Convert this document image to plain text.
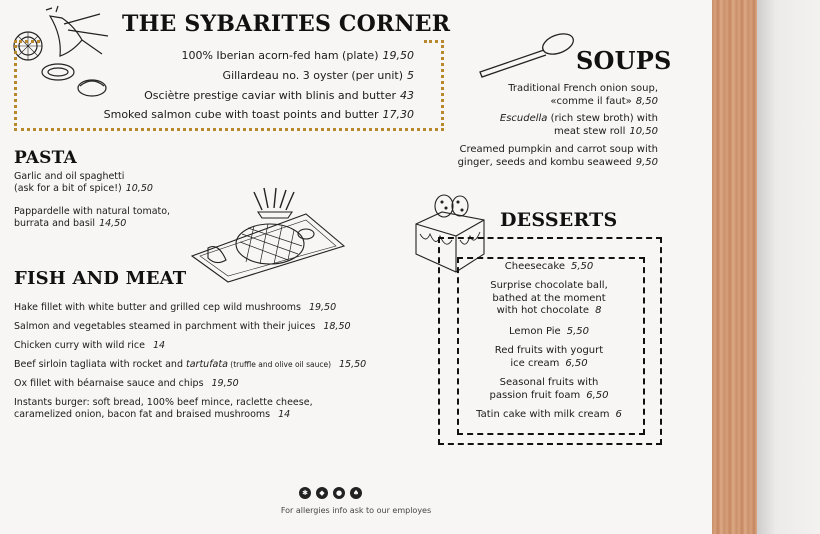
THE SYBARITES CORNER
100% Iberian acorn-fed ham (plate) 19,50
Gillardeau no. 3 oyster (per unit) 5
Osciètre prestige caviar with blinis and butter 43
Smoked salmon cube with toast points and butter 17,30
SOUPS
Traditional French onion soup,
«comme il faut» 8,50
Escudella (rich stew broth) with
meat stew roll 10,50
Creamed pumpkin and carrot soup with
ginger, seeds and kombu seaweed 9,50
PASTA
Garlic and oil spaghetti
(ask for a bit of spice!) 10,50
Pappardelle with natural tomato,
burrata and basil 14,50
FISH AND MEAT
Hake fillet with white butter and grilled cep wild mushrooms 19,50
Salmon and vegetables steamed in parchment with their juices 18,50
Chicken curry with wild rice 14
Beef sirloin tagliata with rocket and tartufata (truffle and olive oil sauce) 15,50
Ox fillet with béarnaise sauce and chips 19,50
Instants burger: soft bread, 100% beef mince, raclette cheese,
caramelized onion, bacon fat and braised mushrooms 14
DESSERTS
Cheesecake 5,50
Surprise chocolate ball,
bathed at the moment
with hot chocolate 8
Lemon Pie 5,50
Red fruits with yogurt
ice cream 6,50
Seasonal fruits with
passion fruit foam 6,50
Tatin cake with milk cream 6
✱	◆	●	♠
For allergies info ask to our employes
